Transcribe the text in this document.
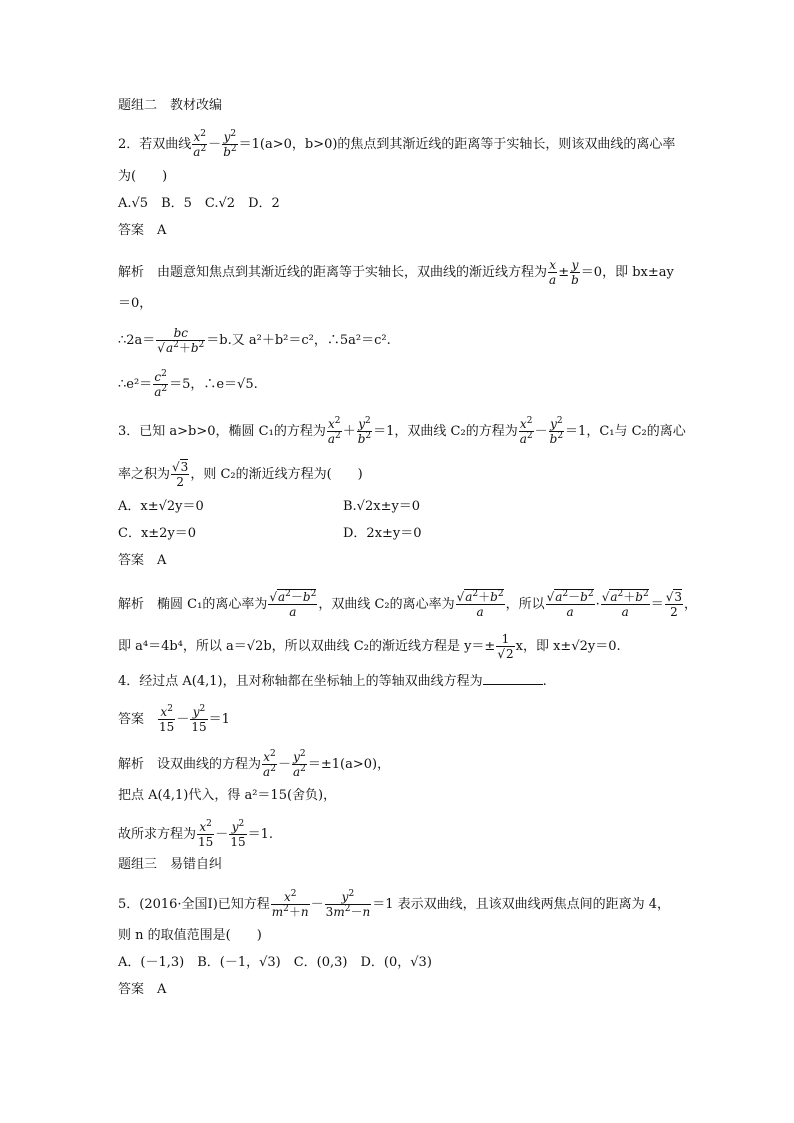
题组二　教材改编
2．若双曲线 $\frac{x^2}{a^2} - \frac{y^2}{b^2} =1(a>0$，b>0)的焦点到其渐近线的距离等于实轴长，则该双曲线的离心率
为(　　)
A.√5　B．5　C.√2　D．2
答案　 A
解析　 由题意知焦点到其渐近线的距离等于实轴长，双曲线的渐近线方程为 $\frac{x}{a} \pm \frac{y}{b} =0$，即 bx±ay
＝0，
∴2a＝ $\frac{bc}{√a^2+b^2} =b$.又 a²＋b²＝c²，∴5a²＝c².
∴e²＝ $\frac{c^2}{a^2} =5$，∴e＝√5.
3．已知 a>b>0，椭圆 C₁的方程为 $\frac{x^2}{a^2} + \frac{y^2}{b^2} =1$，双曲线 C₂的方程为 $\frac{x^2}{a^2} - \frac{y^2}{b^2} =1$，C₁与 C₂的离心
率之积为 $\frac{√3}{2}$ ，则 C₂的渐近线方程为(　　)
A．x±√2y＝0	B.√2x±y＝0
C．x±2y＝0	D．2x±y＝0
答案　 A
解析　 椭圆 C₁的离心率为 $\frac{√a^2-b^2}{a}$ ，双曲线 C₂的离心率为 $\frac{√a^2+b^2}{a}$ ，所以 $\frac{√a^2-b^2}{a} \cdot \frac{√a^2+b^2}{a} = \frac{√3}{2}$ ，
即 a⁴＝4b⁴，所以 a＝√2b，所以双曲线 C₂的渐近线方程是 $y=\pm \frac{1}{√2}$ x，即 x±√2y＝0.
4．经过点 A(4,1)，且对称轴都在坐标轴上的等轴双曲线方程为	.
答案　 $\frac{x^2}{15} - \frac{y^2}{15} =1$
解析　 设双曲线的方程为 $\frac{x^2}{a^2} - \frac{y^2}{a^2} =\pm 1(a>0)$，
把点 A(4,1)代入，得 a²＝15(舍负)，
故所求方程为 $\frac{x^2}{15} - \frac{y^2}{15} =1$.
题组三　易错自纠
5．(2016·全国Ⅰ)已知方程 $\frac{x^2}{m^2+n} - \frac{y^2}{3m^2-n} =1$ 表示双曲线，且该双曲线两焦点间的距离为 4，
则 n 的取值范围是(　　)
A．(－1,3)　B．(－1，√3)　C．(0,3)　D．(0，√3)
答案　 A
